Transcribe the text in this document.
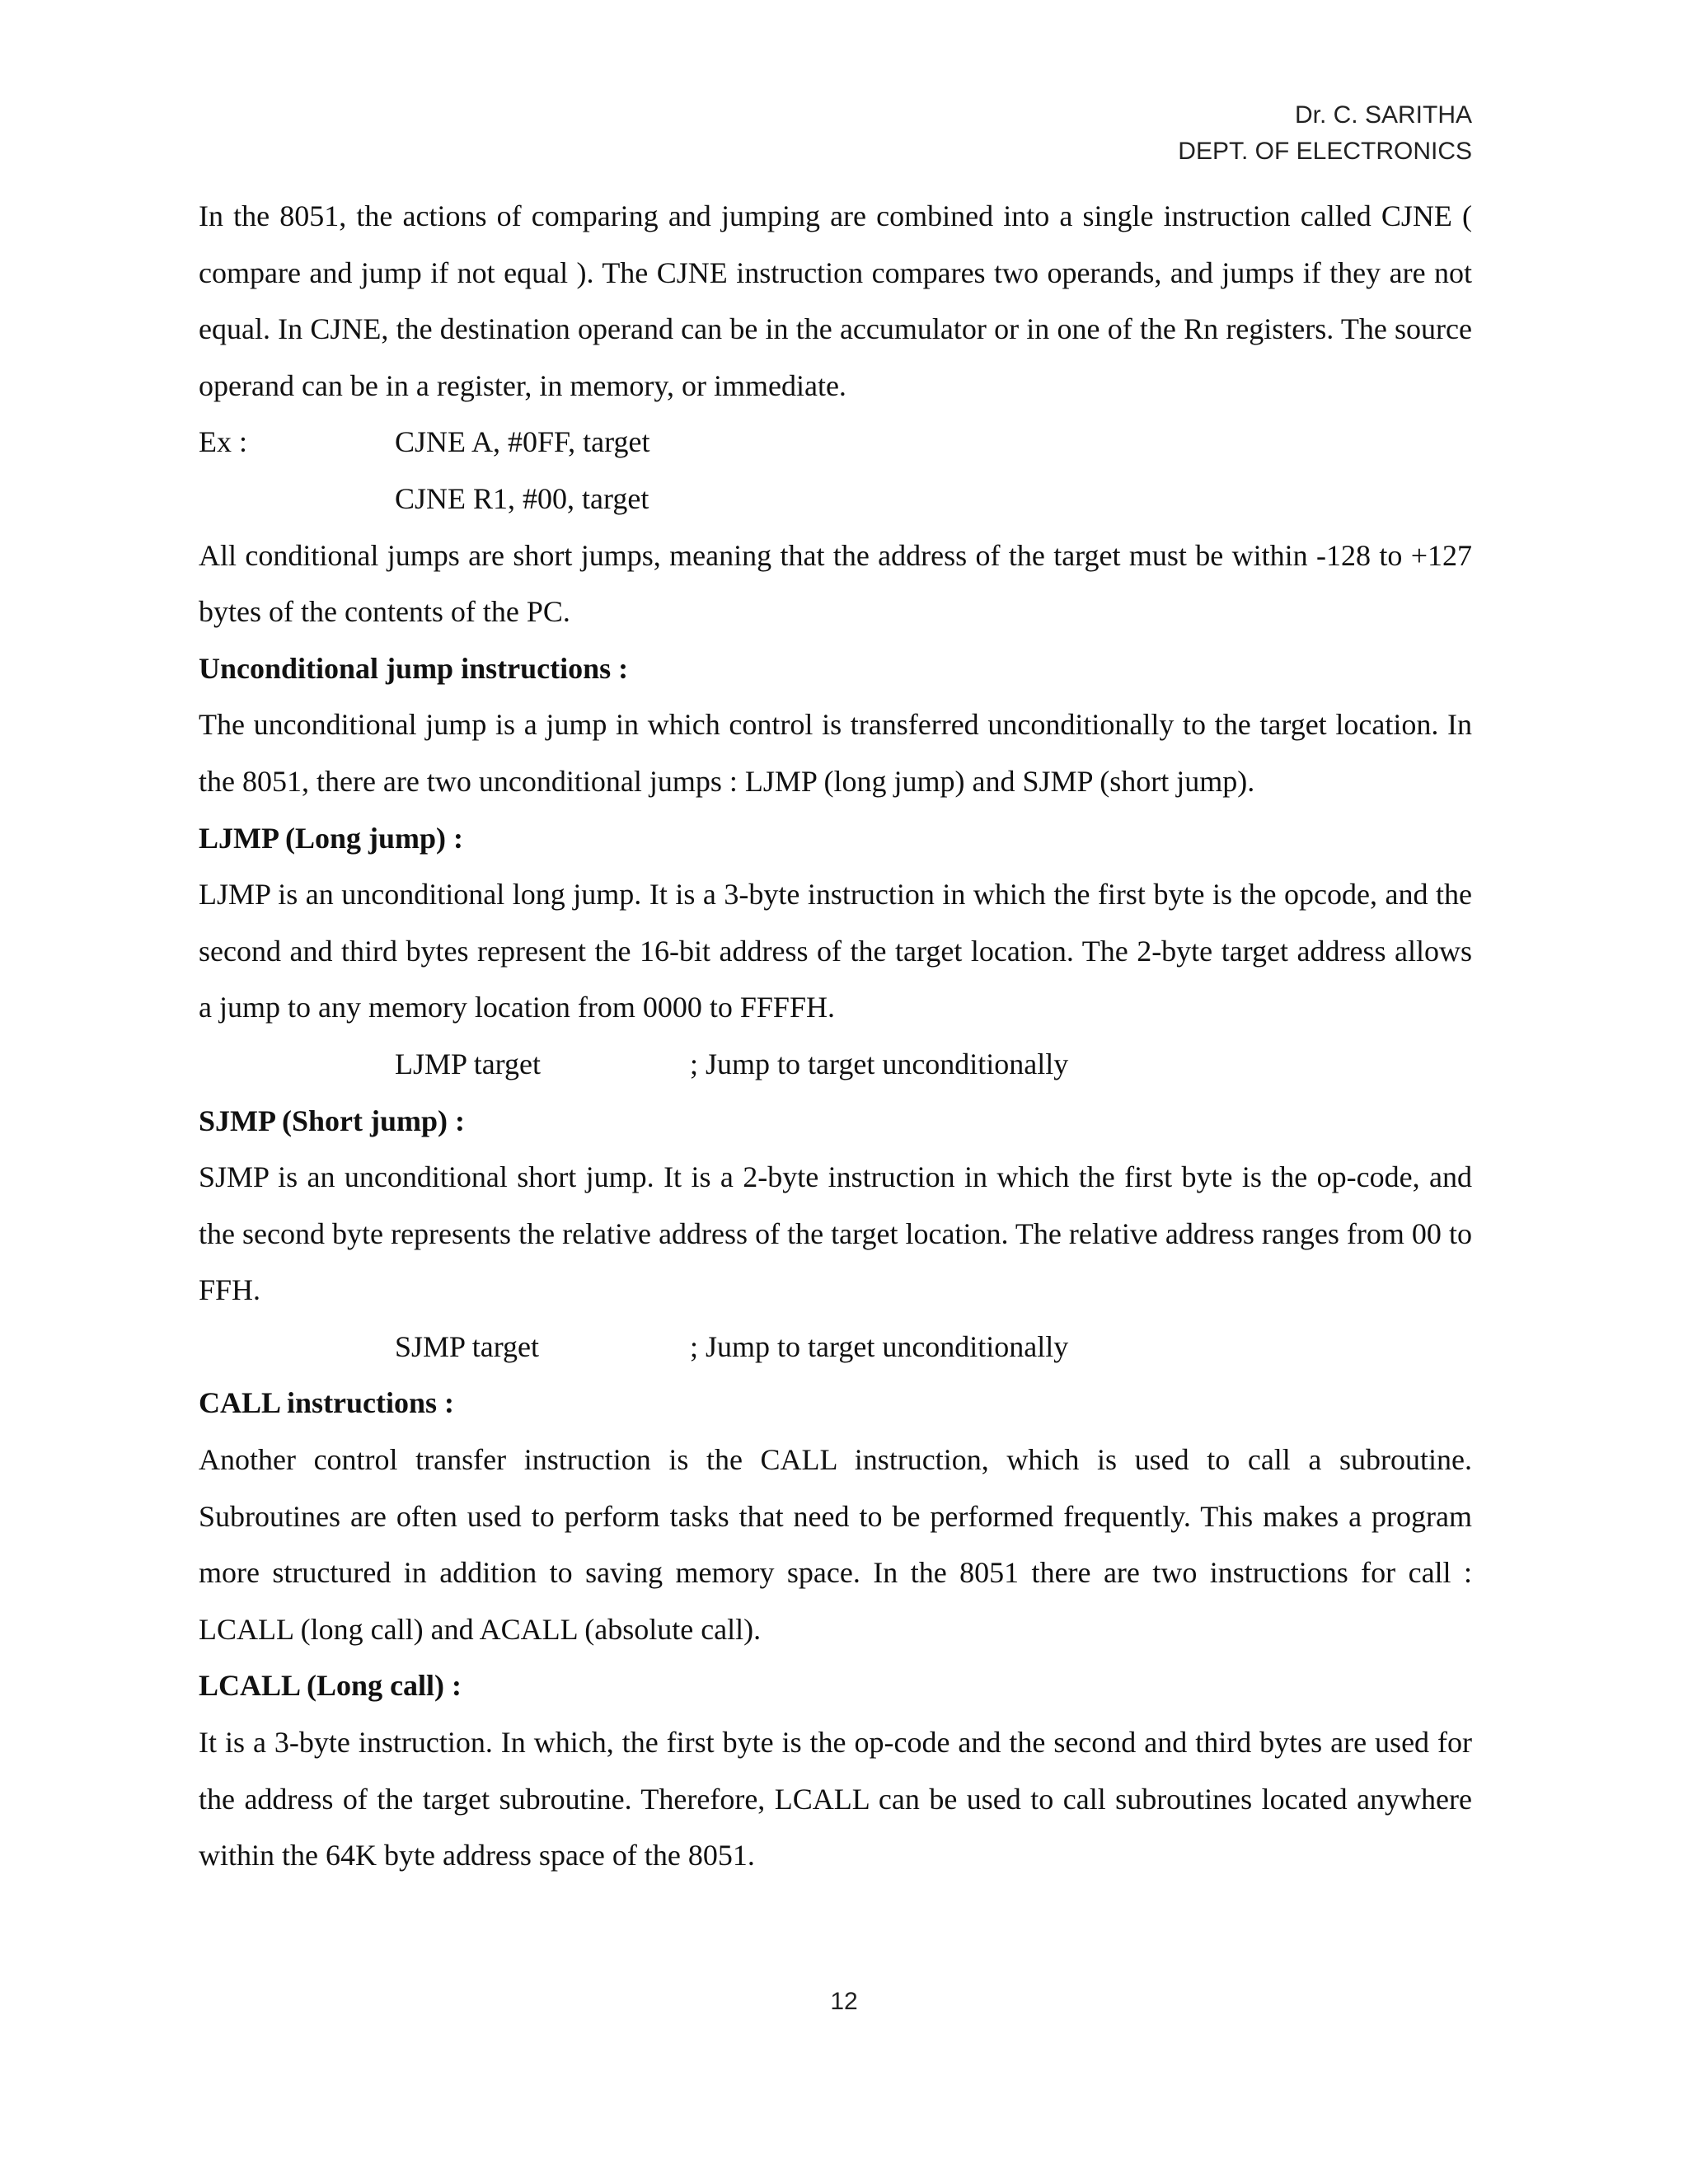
Dr. C. SARITHA
DEPT. OF ELECTRONICS

In the 8051, the actions of comparing and jumping are combined into a single instruction called CJNE ( compare and jump if not equal ). The CJNE instruction compares two operands, and jumps if they are not equal. In CJNE, the destination operand can be in the accumulator or in one of the Rn registers. The source operand can be in a register, in memory, or immediate.

Ex :	CJNE A, #0FF, target
CJNE R1, #00, target

All conditional jumps are short jumps, meaning that the address of the target must be within -128 to +127 bytes of the contents of the PC.

Unconditional jump instructions :

The unconditional jump is a jump in which control is transferred unconditionally to the target location. In the 8051, there are two unconditional jumps : LJMP (long jump) and SJMP (short jump).

LJMP (Long jump) :

LJMP is an unconditional long jump. It is a 3-byte instruction in which the first byte is the opcode, and the second and third bytes represent the 16-bit address of the target location. The 2-byte target address allows a jump to any memory location from 0000 to FFFFH.

LJMP target	; Jump to target unconditionally

SJMP (Short jump) :

SJMP is an unconditional short jump. It is a 2-byte instruction in which the first byte is the op-code, and the second byte represents the relative address of the target location. The relative address ranges from 00 to FFH.

SJMP target	; Jump to target unconditionally

CALL instructions :

Another control transfer instruction is the CALL instruction, which is used to call a subroutine. Subroutines are often used to perform tasks that need to be performed frequently. This makes a program more structured in addition to saving memory space. In the 8051 there are two instructions for call : LCALL (long call) and ACALL (absolute call).

LCALL (Long call) :

It is a 3-byte instruction. In which, the first byte is the op-code and the second and third bytes are used for the address of the target subroutine. Therefore, LCALL can be used to call subroutines located anywhere within the 64K byte address space of the 8051.

12
